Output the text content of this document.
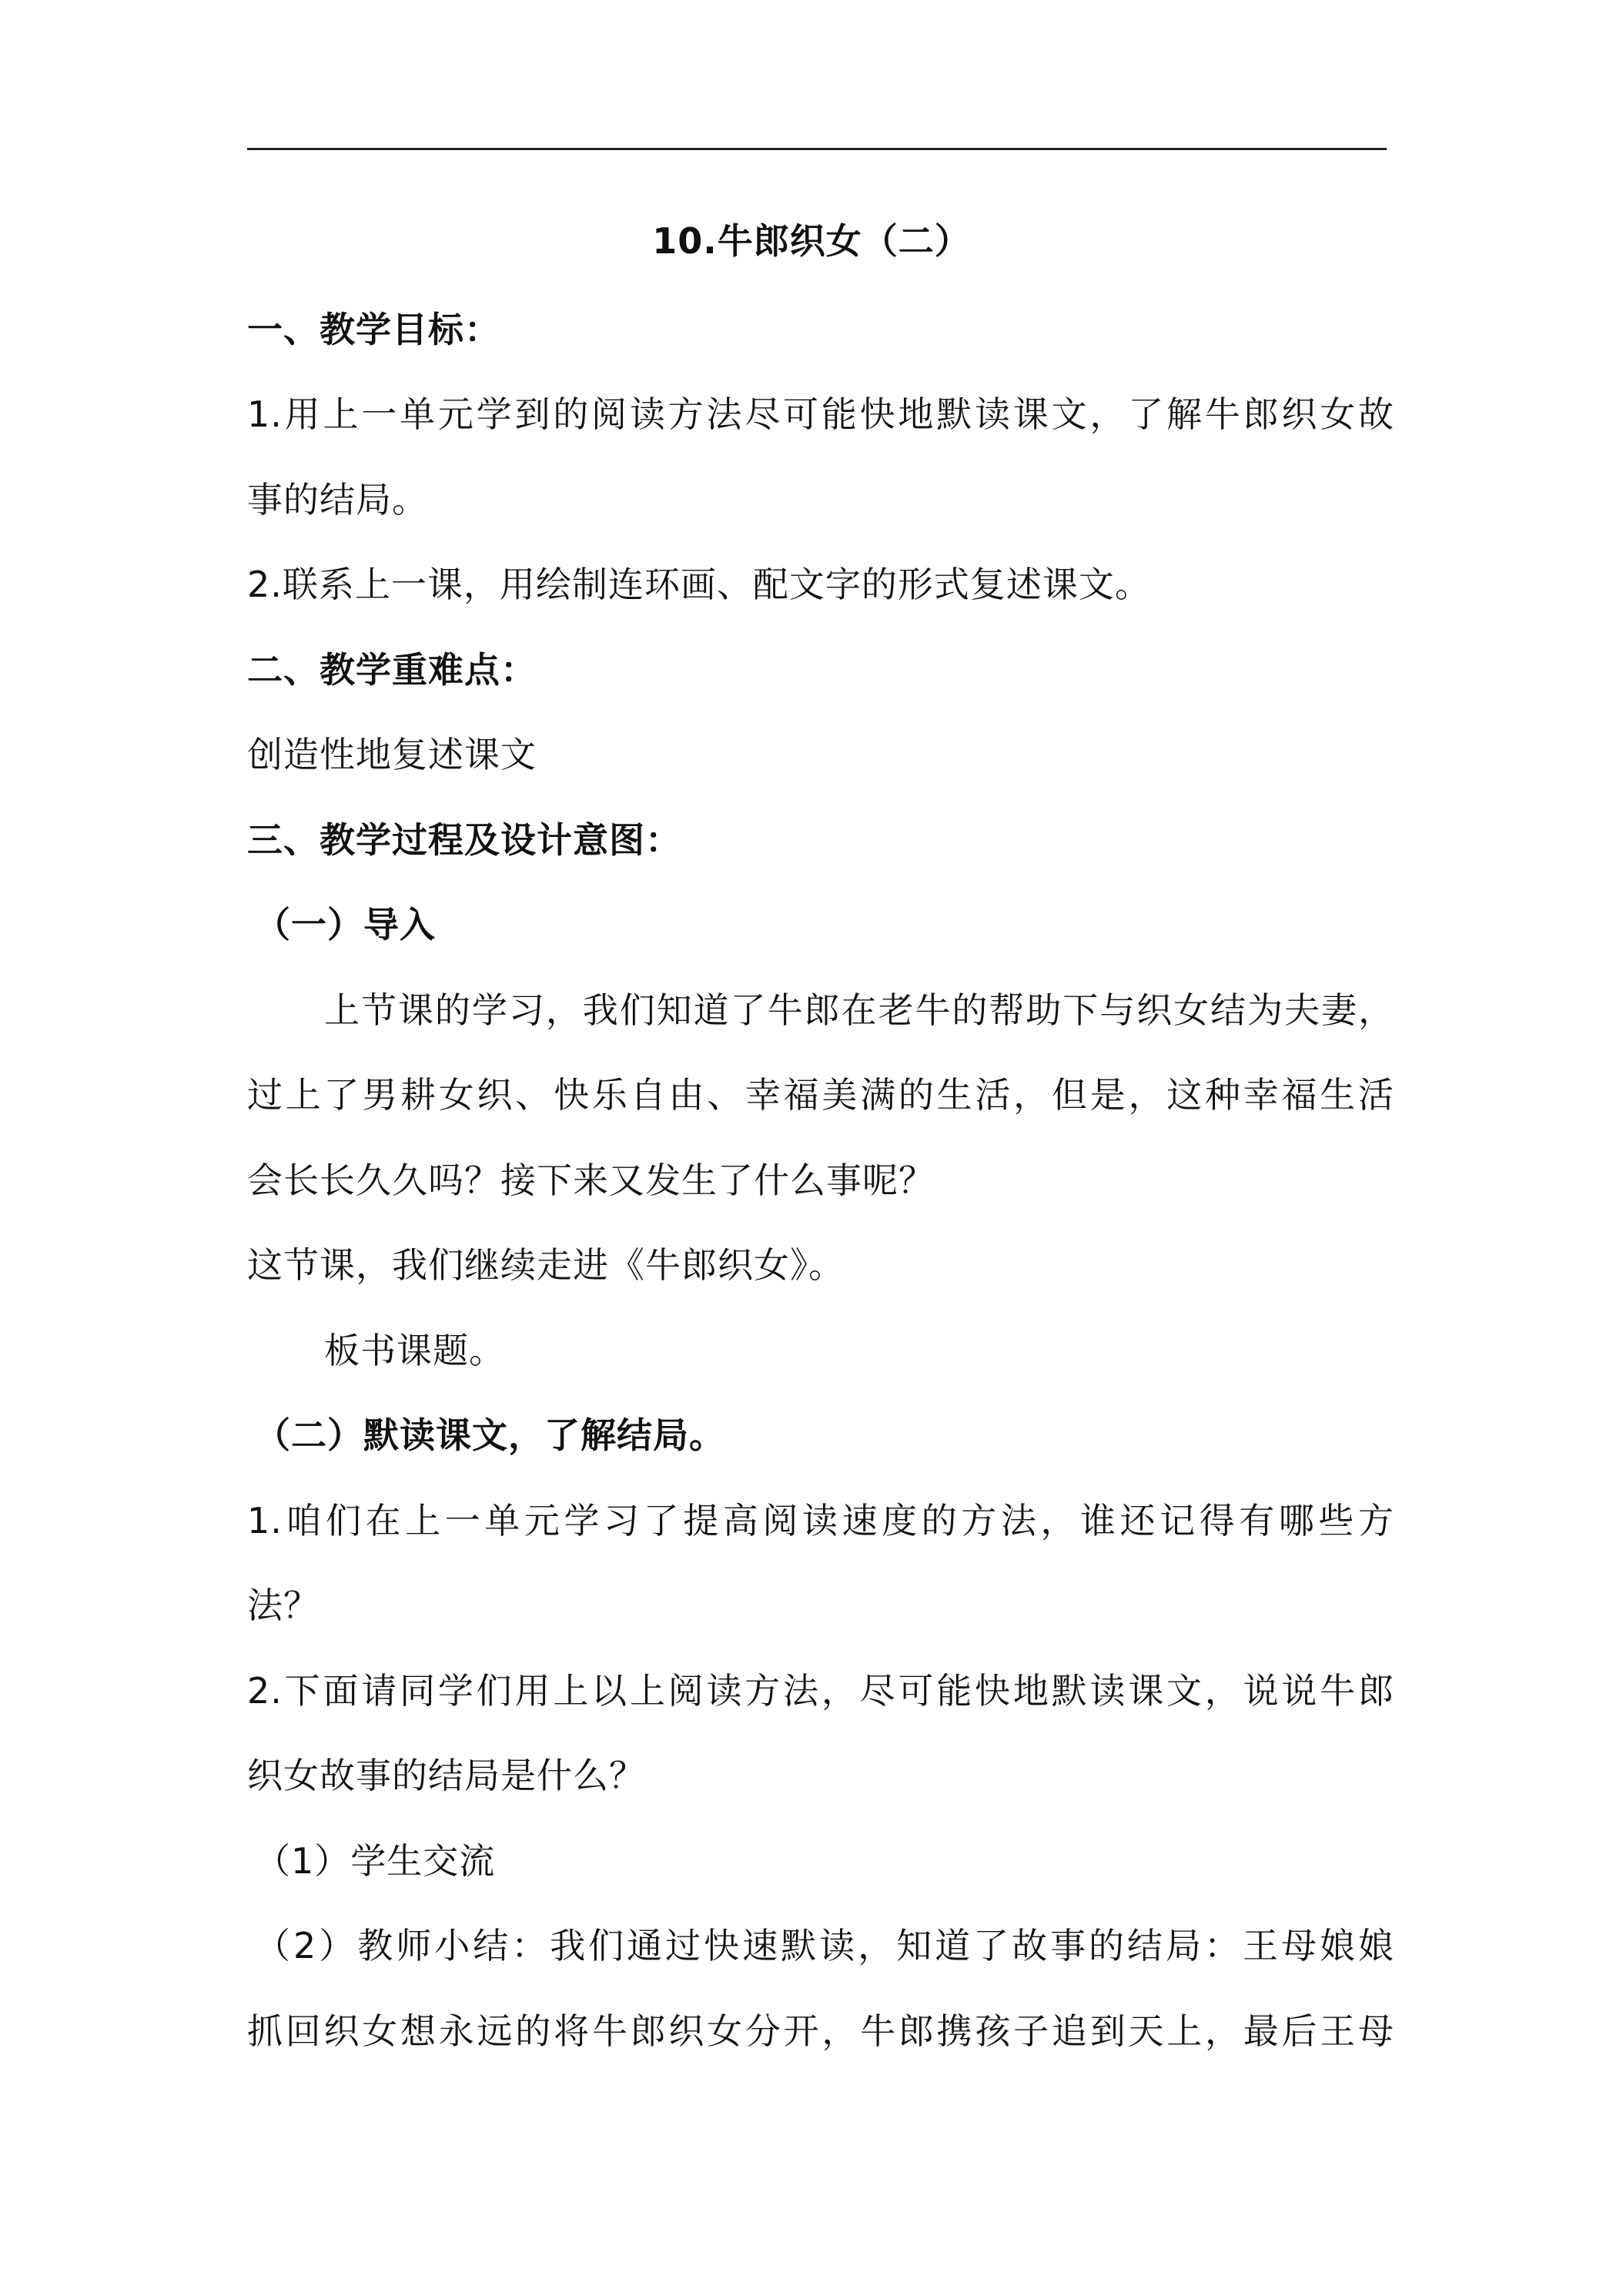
10.牛郎织女（二）
一、教学目标：
1.用上一单元学到的阅读方法尽可能快地默读课文，了解牛郎织女故
事的结局。
2.联系上一课，用绘制连环画、配文字的形式复述课文。
二、教学重难点：
创造性地复述课文
三、教学过程及设计意图：
（一）导入
上节课的学习，我们知道了牛郎在老牛的帮助下与织女结为夫妻，
过上了男耕女织、快乐自由、幸福美满的生活，但是，这种幸福生活
会长长久久吗？接下来又发生了什么事呢？
这节课，我们继续走进《牛郎织女》。
板书课题。
（二）默读课文，了解结局。
1.咱们在上一单元学习了提高阅读速度的方法，谁还记得有哪些方
法？
2.下面请同学们用上以上阅读方法，尽可能快地默读课文，说说牛郎
织女故事的结局是什么？
（1）学生交流
（2）教师小结：我们通过快速默读，知道了故事的结局：王母娘娘
抓回织女想永远的将牛郎织女分开，牛郎携孩子追到天上，最后王母
